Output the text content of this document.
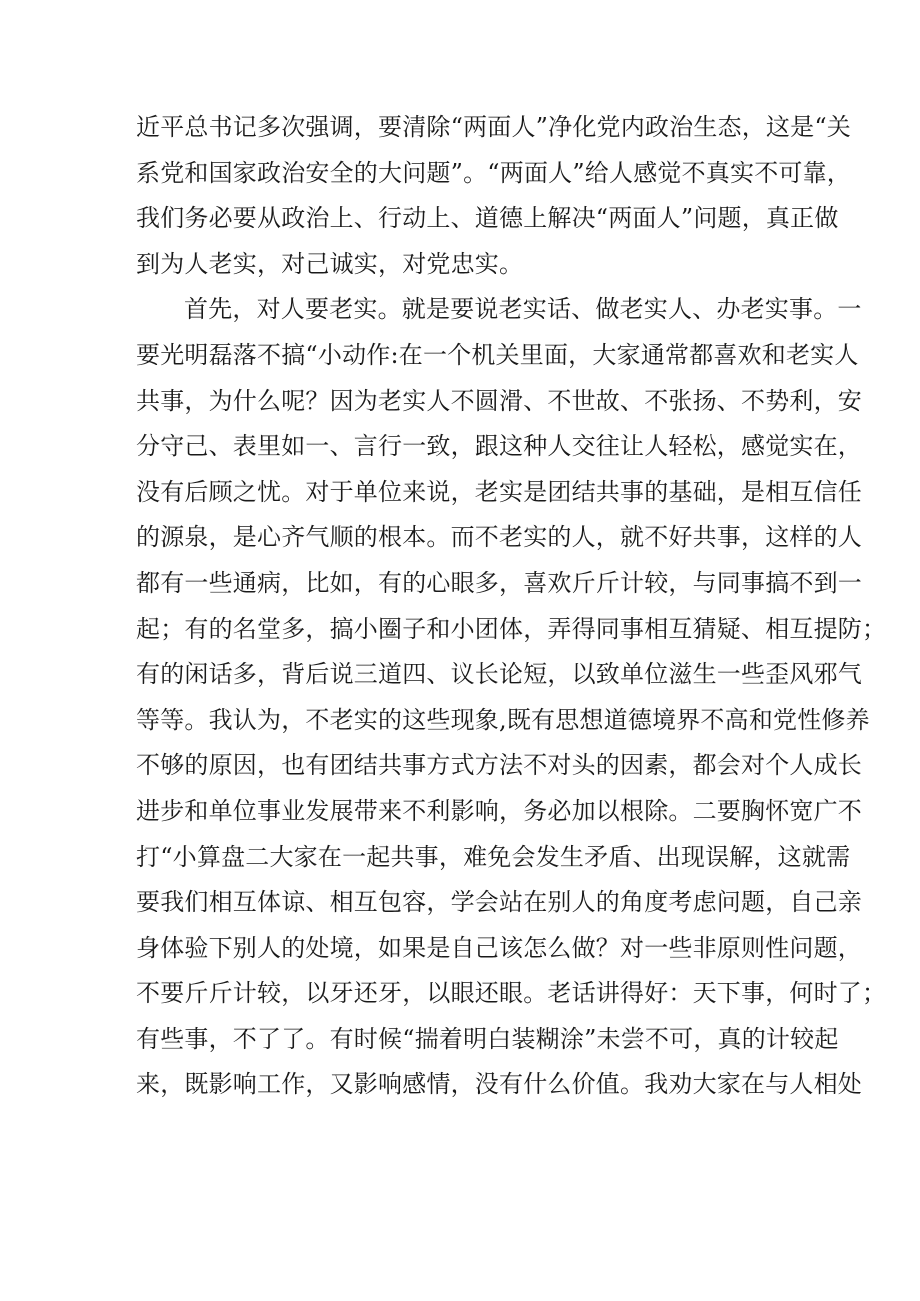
近平总书记多次强调，要清除“两面人”净化党内政治生态，这是“关
系党和国家政治安全的大问题”。“两面人”给人感觉不真实不可靠，
我们务必要从政治上、行动上、道德上解决“两面人”问题，真正做
到为人老实，对己诚实，对党忠实。
首先，对人要老实。就是要说老实话、做老实人、办老实事。一
要光明磊落不搞“小动作:在一个机关里面，大家通常都喜欢和老实人
共事，为什么呢？因为老实人不圆滑、不世故、不张扬、不势利，安
分守己、表里如一、言行一致，跟这种人交往让人轻松，感觉实在，
没有后顾之忧。对于单位来说，老实是团结共事的基础，是相互信任
的源泉，是心齐气顺的根本。而不老实的人，就不好共事，这样的人
都有一些通病，比如，有的心眼多，喜欢斤斤计较，与同事搞不到一
起；有的名堂多，搞小圈子和小团体，弄得同事相互猜疑、相互提防；
有的闲话多，背后说三道四、议长论短，以致单位滋生一些歪风邪气
等等。我认为，不老实的这些现象,既有思想道德境界不高和党性修养
不够的原因，也有团结共事方式方法不对头的因素，都会对个人成长
进步和单位事业发展带来不利影响，务必加以根除。二要胸怀宽广不
打“小算盘二大家在一起共事，难免会发生矛盾、出现误解，这就需
要我们相互体谅、相互包容，学会站在别人的角度考虑问题，自己亲
身体验下别人的处境，如果是自己该怎么做？对一些非原则性问题，
不要斤斤计较，以牙还牙，以眼还眼。老话讲得好：天下事，何时了；
有些事，不了了。有时候“揣着明白装糊涂”未尝不可，真的计较起
来，既影响工作，又影响感情，没有什么价值。我劝大家在与人相处
